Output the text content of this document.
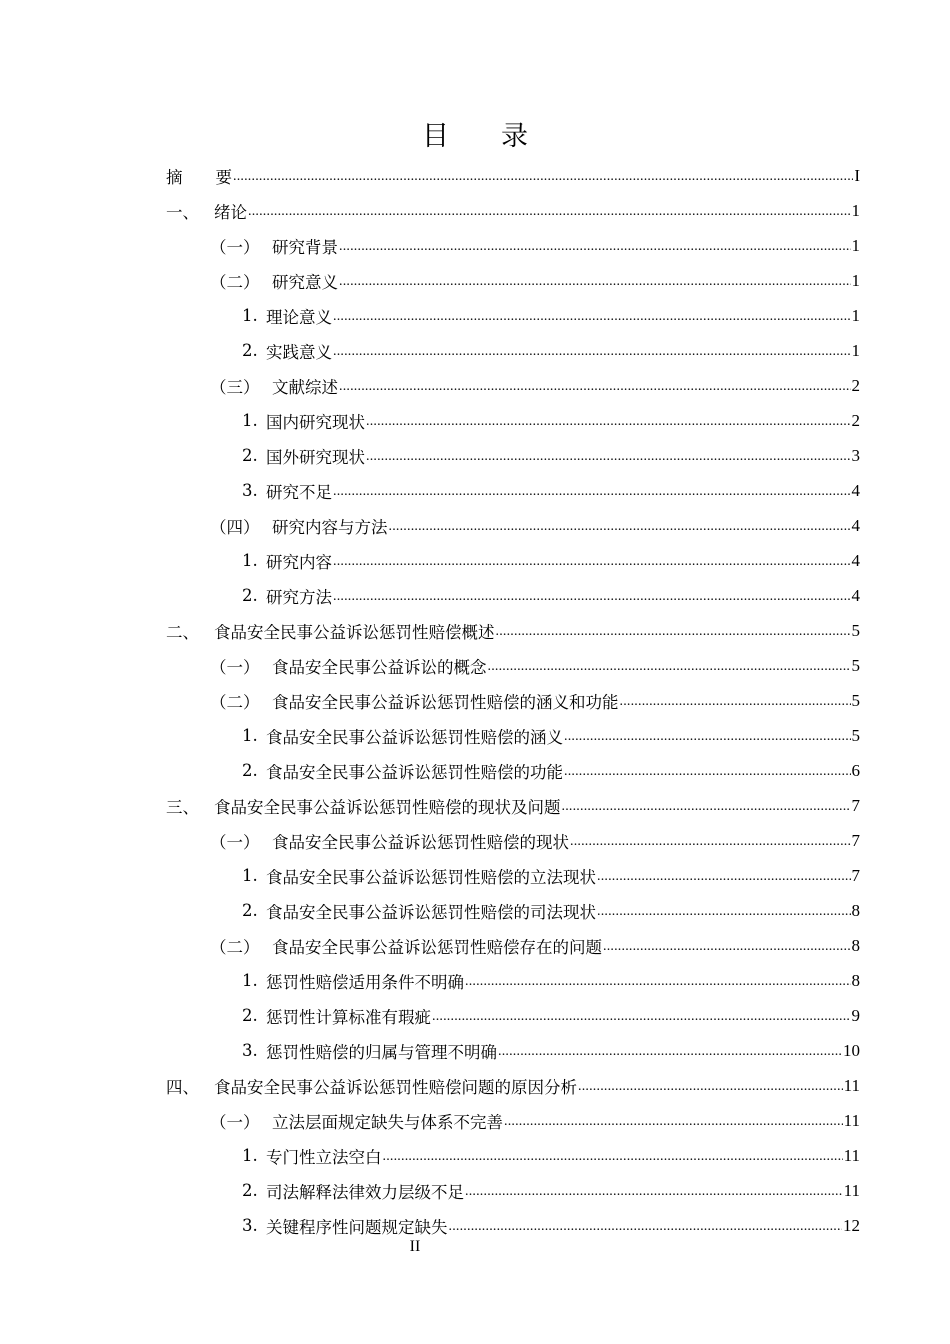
目 录
摘　　要 .....	I
一、 绪论 .....	1
（一） 研究背景 .....	1
（二） 研究意义 .....	1
1. 理论意义 .....	1
2. 实践意义 .....	1
（三） 文献综述 .....	2
1. 国内研究现状 .....	2
2. 国外研究现状 .....	3
3. 研究不足 .....	4
（四） 研究内容与方法 .....	4
1. 研究内容 .....	4
2. 研究方法 .....	4
二、 食品安全民事公益诉讼惩罚性赔偿概述 .....	5
（一） 食品安全民事公益诉讼的概念 .....	5
（二） 食品安全民事公益诉讼惩罚性赔偿的涵义和功能 .....	5
1. 食品安全民事公益诉讼惩罚性赔偿的涵义 .....	5
2. 食品安全民事公益诉讼惩罚性赔偿的功能 .....	6
三、 食品安全民事公益诉讼惩罚性赔偿的现状及问题 .....	7
（一） 食品安全民事公益诉讼惩罚性赔偿的现状 .....	7
1. 食品安全民事公益诉讼惩罚性赔偿的立法现状 .....	7
2. 食品安全民事公益诉讼惩罚性赔偿的司法现状 .....	8
（二） 食品安全民事公益诉讼惩罚性赔偿存在的问题 .....	8
1. 惩罚性赔偿适用条件不明确 .....	8
2. 惩罚性计算标准有瑕疵 .....	9
3. 惩罚性赔偿的归属与管理不明确 .....	10
四、 食品安全民事公益诉讼惩罚性赔偿问题的原因分析 .....	11
（一） 立法层面规定缺失与体系不完善 .....	11
1. 专门性立法空白 .....	11
2. 司法解释法律效力层级不足 .....	11
3. 关键程序性问题规定缺失 .....	12
II
